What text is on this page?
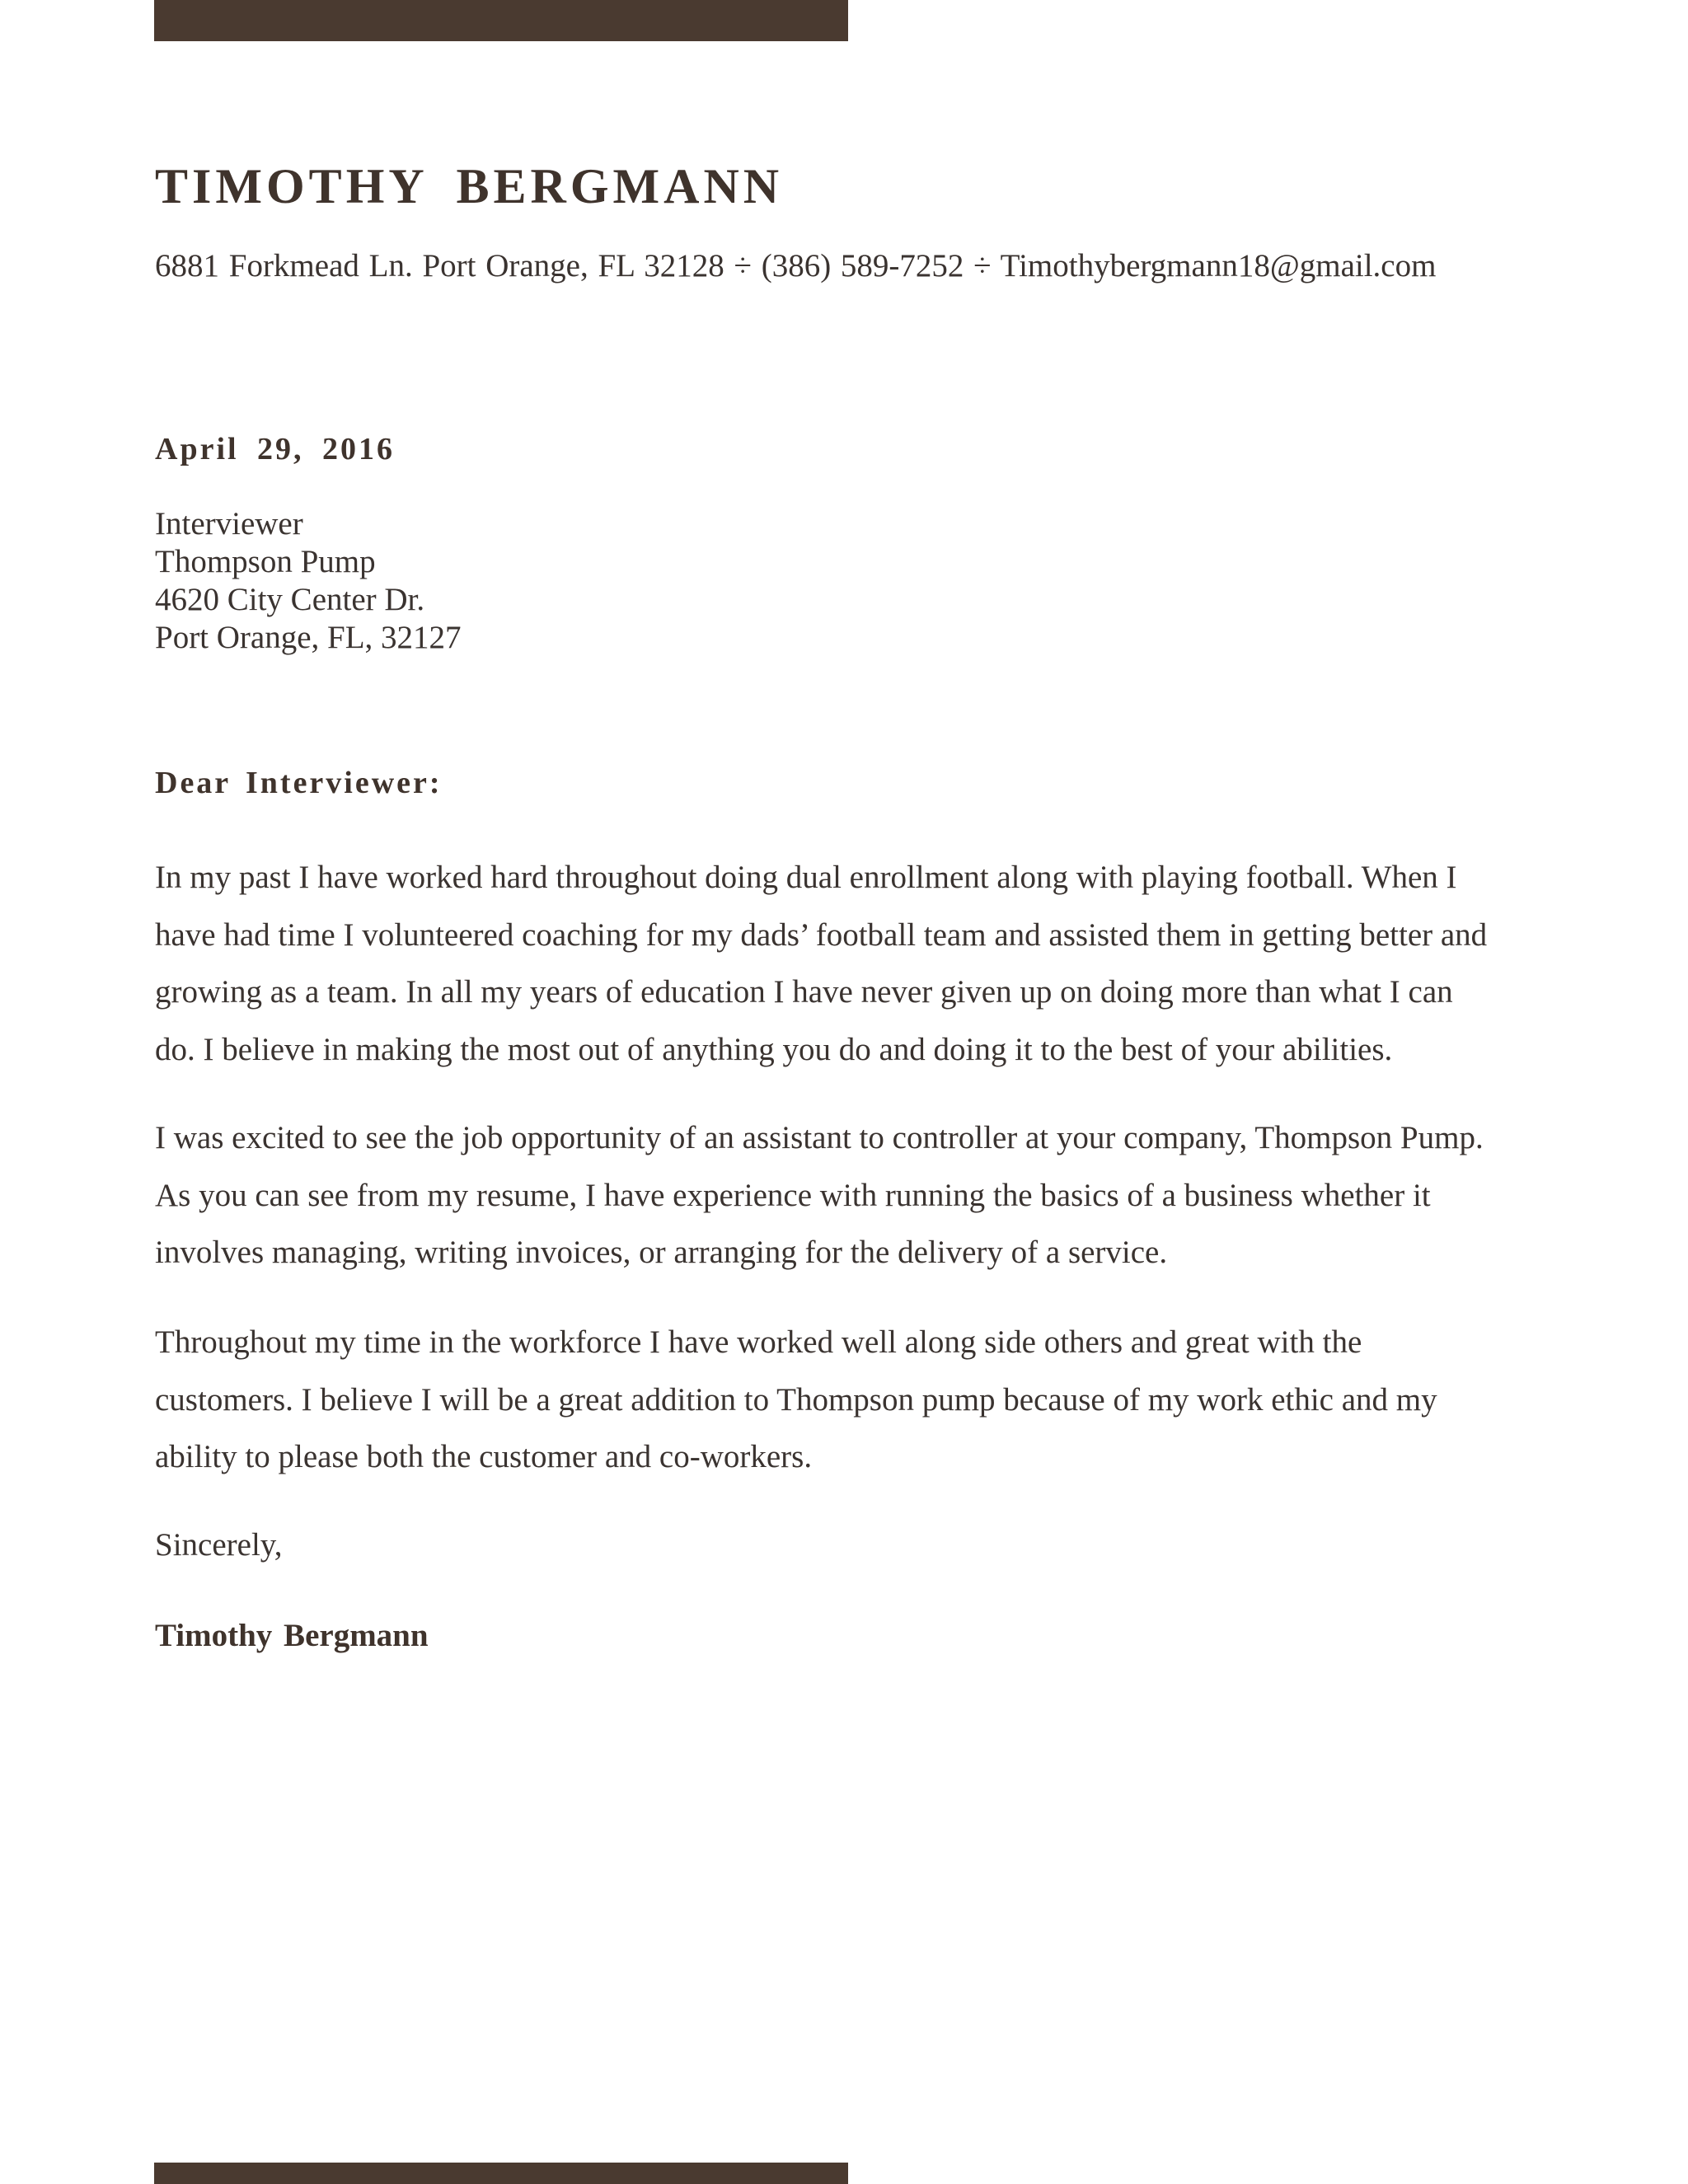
TIMOTHY BERGMANN
6881 Forkmead Ln. Port Orange, FL 32128 ÷ (386) 589-7252 ÷ Timothybergmann18@gmail.com
April 29, 2016
Interviewer
Thompson Pump
4620 City Center Dr.
Port Orange, FL, 32127
Dear Interviewer:
In my past I have worked hard throughout doing dual enrollment along with playing football. When I
have had time I volunteered coaching for my dads’ football team and assisted them in getting better and
growing as a team. In all my years of education I have never given up on doing more than what I can
do. I believe in making the most out of anything you do and doing it to the best of your abilities.
I was excited to see the job opportunity of an assistant to controller at your company, Thompson Pump.
As you can see from my resume, I have experience with running the basics of a business whether it
involves managing, writing invoices, or arranging for the delivery of a service.
Throughout my time in the workforce I have worked well along side others and great with the
customers. I believe I will be a great addition to Thompson pump because of my work ethic and my
ability to please both the customer and co-workers.
Sincerely,
Timothy Bergmann
